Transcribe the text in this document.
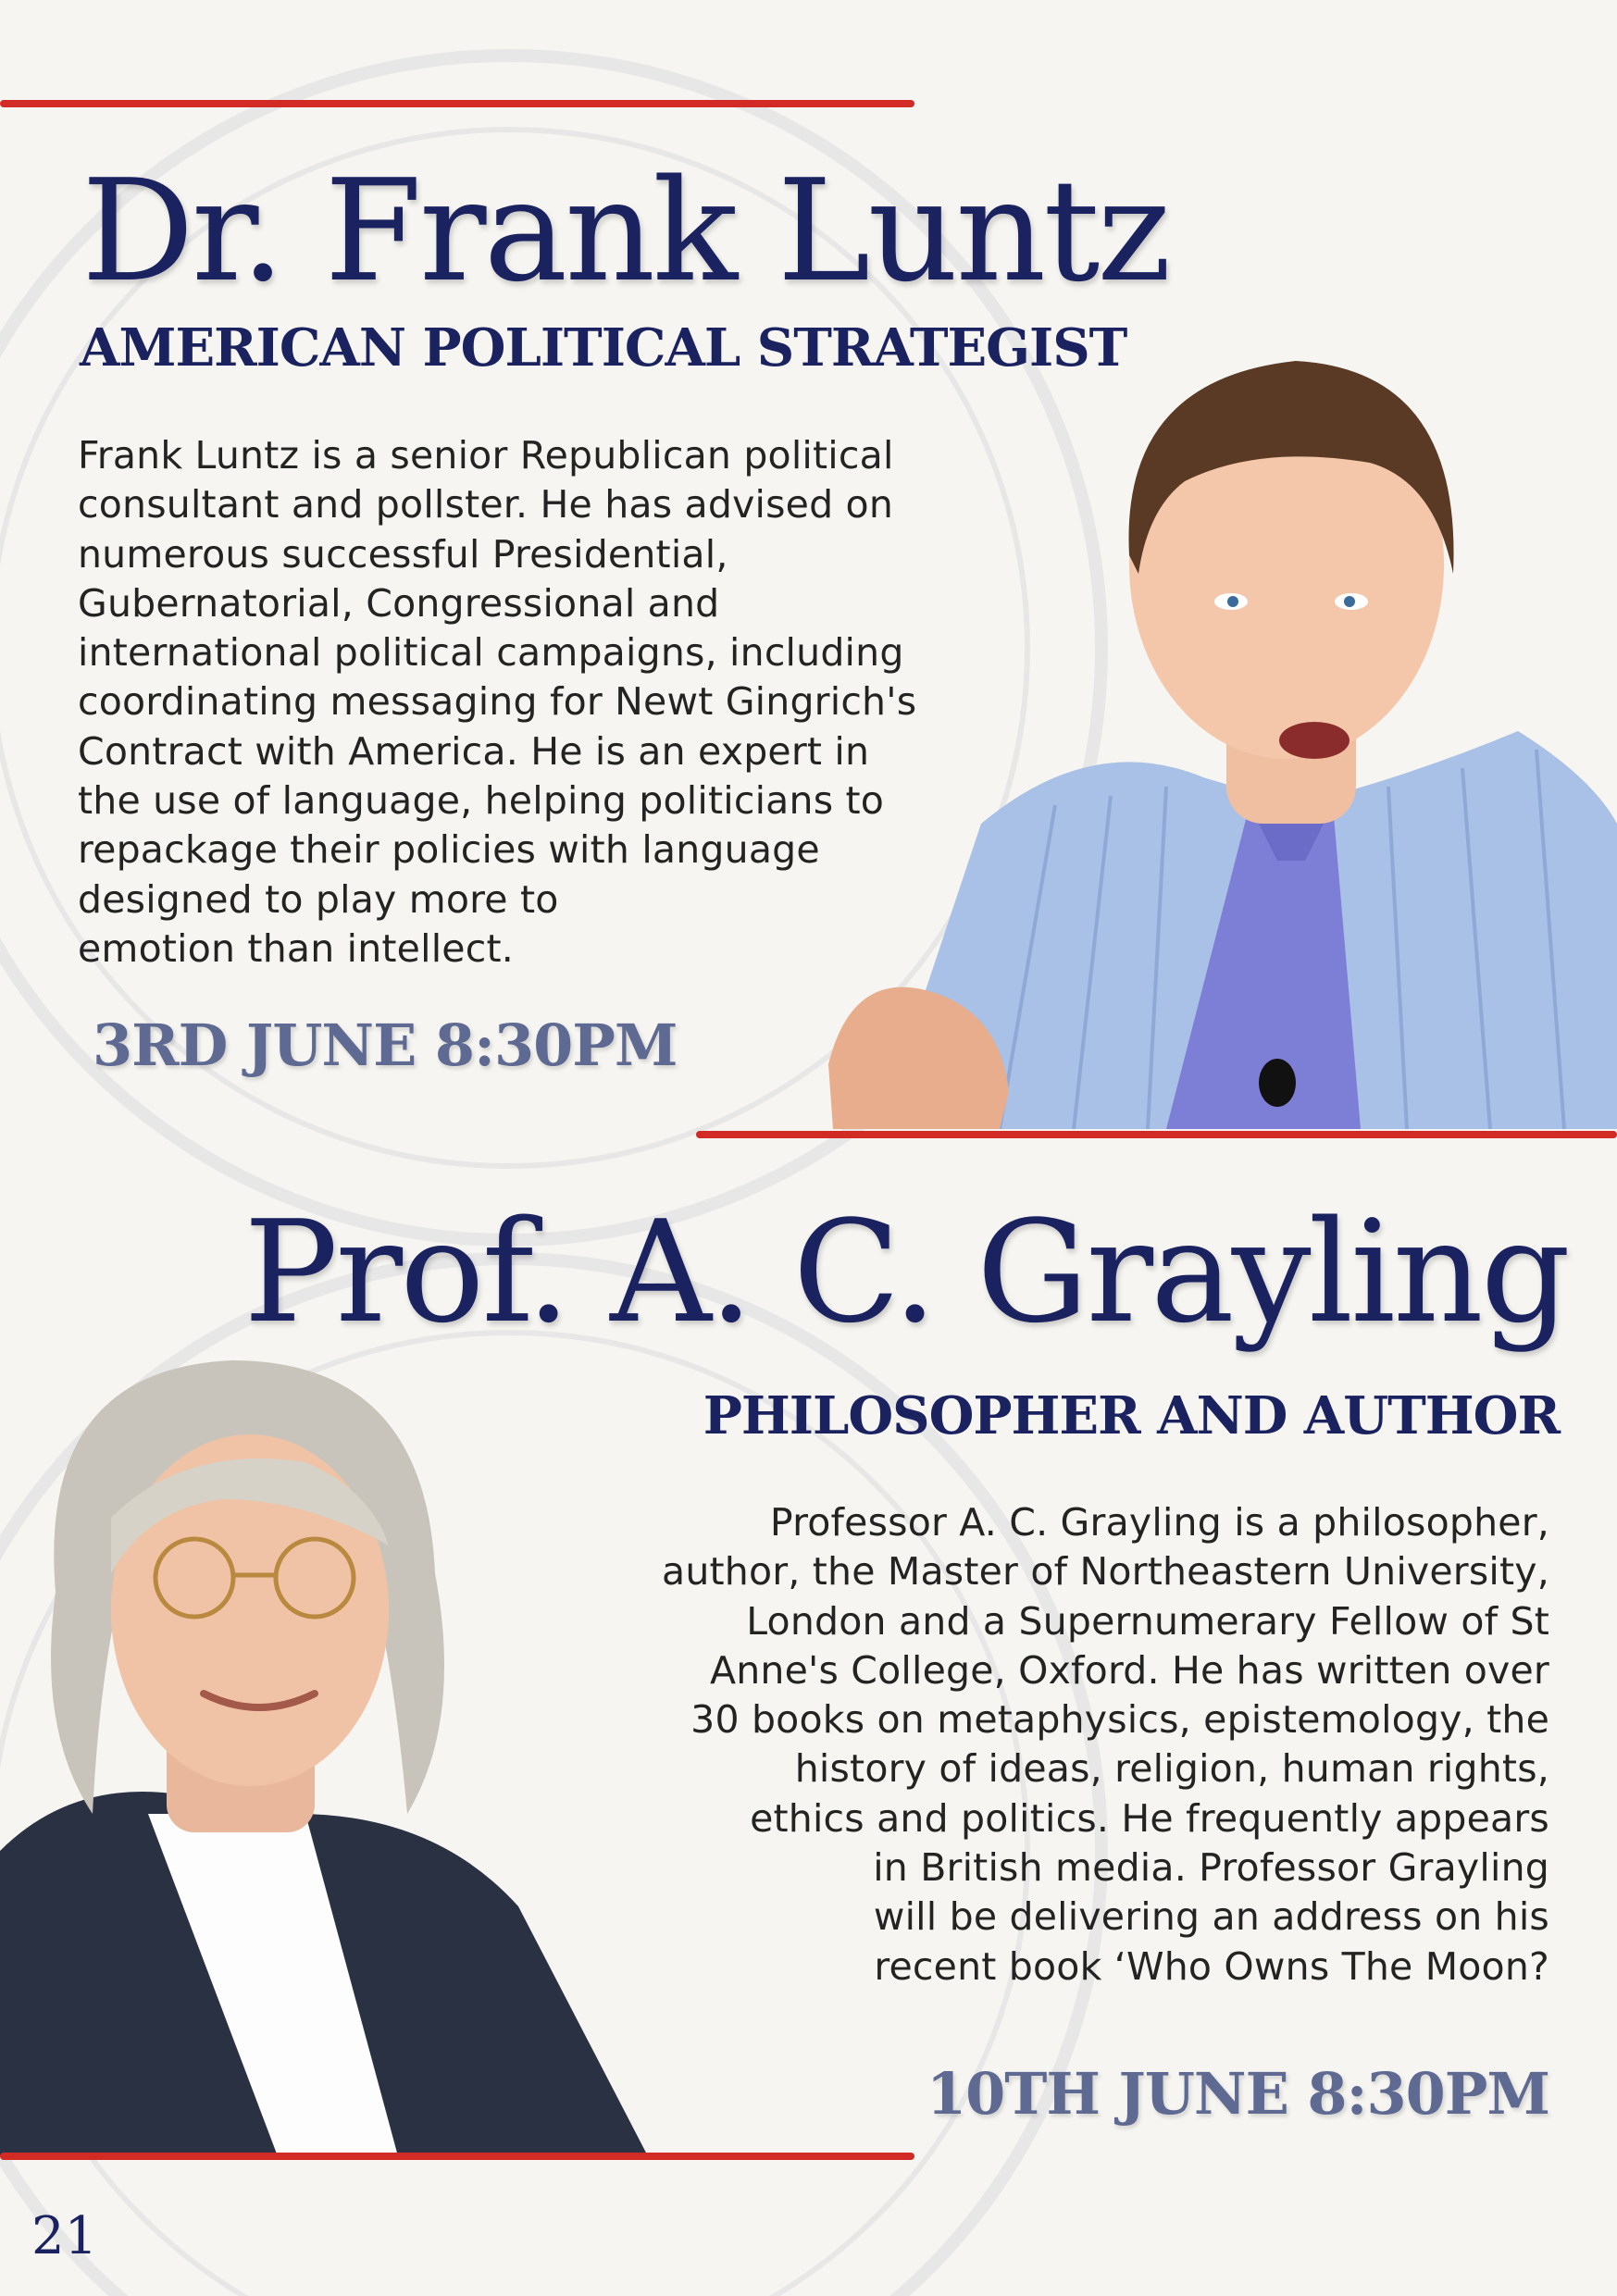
Dr. Frank Luntz
AMERICAN POLITICAL STRATEGIST
Frank Luntz is a senior Republican political
consultant and pollster. He has advised on
numerous successful Presidential,
Gubernatorial, Congressional and
international political campaigns, including
coordinating messaging for Newt Gingrich's
Contract with America. He is an expert in
the use of language, helping politicians to
repackage their policies with language
designed to play more to
emotion than intellect.
3RD JUNE 8:30PM
Prof. A. C. Grayling
PHILOSOPHER AND AUTHOR
Professor A. C. Grayling is a philosopher,
author, the Master of Northeastern University,
London and a Supernumerary Fellow of St
Anne's College, Oxford. He has written over
30 books on metaphysics, epistemology, the
history of ideas, religion, human rights,
ethics and politics. He frequently appears
in British media. Professor Grayling
will be delivering an address on his
recent book ‘Who Owns The Moon?
10TH JUNE 8:30PM
21
